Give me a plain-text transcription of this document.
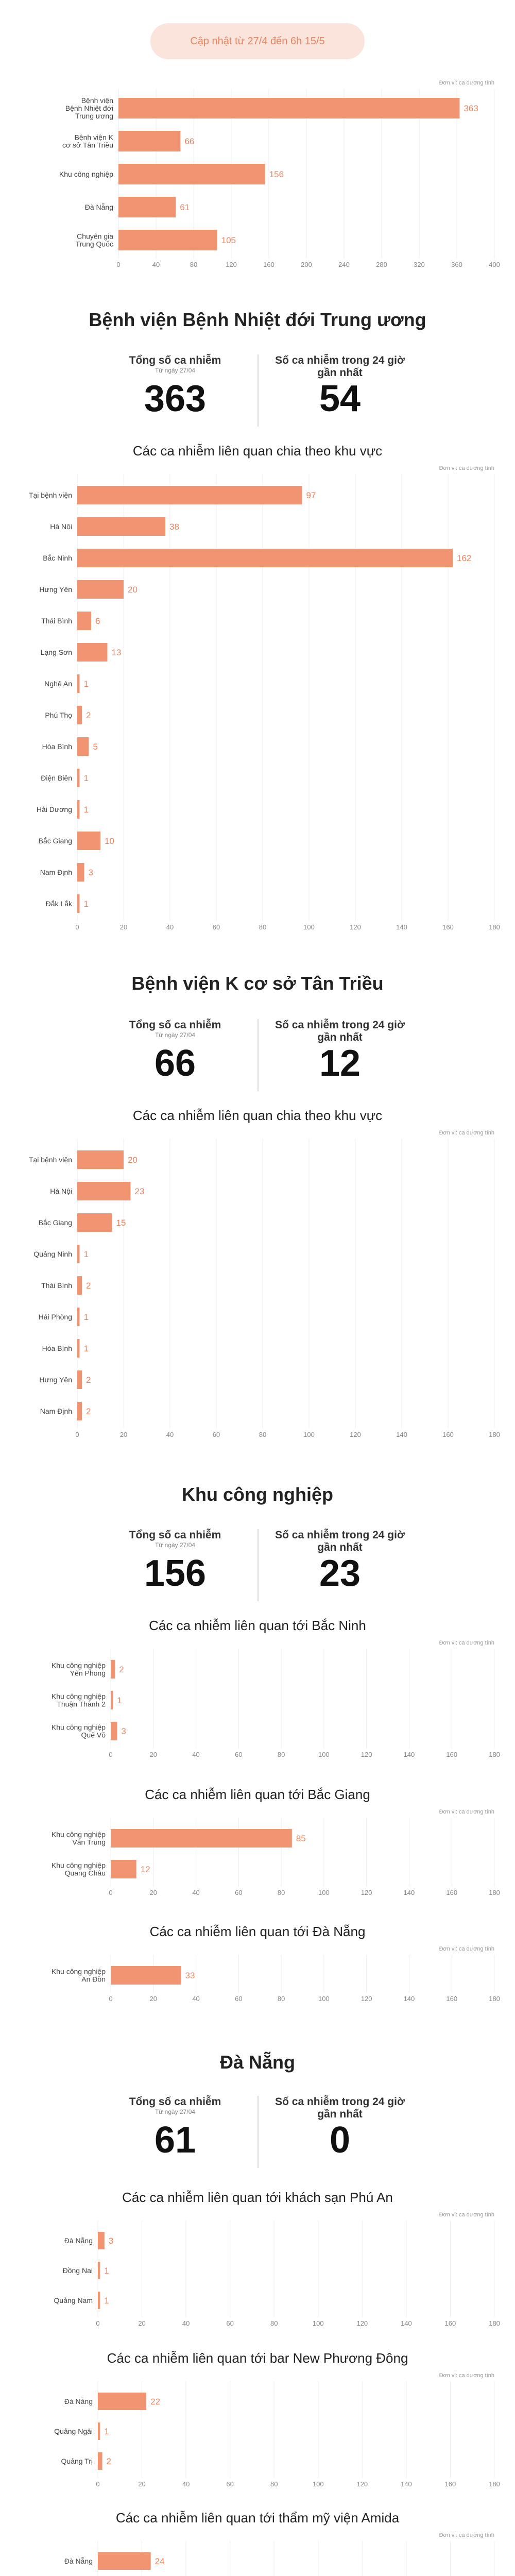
Cập nhật từ 27/4 đến 6h 15/5
Đơn vị: ca dương tính
0	40	80	120	160	200	240	280	320	360	400
363
Bệnh viện
Bệnh Nhiệt đới
Trung ương
66
Bệnh viện K
cơ sở Tân Triều
156
Khu công nghiệp
61
Đà Nẵng
105
Chuyên gia
Trung Quốc
Bệnh viện Bệnh Nhiệt đới Trung ương
Tổng số ca nhiễm
Từ ngày 27/04
363
Số ca nhiễm trong 24 giờ gần nhất
54
Các ca nhiễm liên quan chia theo khu vực
Đơn vị: ca dương tính
0	20	40	60	80	100	120	140	160	180
97
Tại bệnh viện
38
Hà Nội
162
Bắc Ninh
20
Hưng Yên
6
Thái Bình
13
Lạng Sơn
1
Nghệ An
2
Phú Thọ
5
Hòa Bình
1
Điện Biên
1
Hải Dương
10
Bắc Giang
3
Nam Định
1
Đắk Lắk
Bệnh viện K cơ sở Tân Triều
Tổng số ca nhiễm
Từ ngày 27/04
66
Số ca nhiễm trong 24 giờ gần nhất
12
Các ca nhiễm liên quan chia theo khu vực
Đơn vị: ca dương tính
0	20	40	60	80	100	120	140	160	180
20
Tại bệnh viện
23
Hà Nội
15
Bắc Giang
1
Quảng Ninh
2
Thái Bình
1
Hải Phòng
1
Hòa Bình
2
Hưng Yên
2
Nam Định
Khu công nghiệp
Tổng số ca nhiễm
Từ ngày 27/04
156
Số ca nhiễm trong 24 giờ gần nhất
23
Các ca nhiễm liên quan tới Bắc Ninh
Đơn vị: ca dương tính
0	20	40	60	80	100	120	140	160	180
2
Khu công nghiệp
Yên Phong
1
Khu công nghiệp
Thuận Thành 2
3
Khu công nghiệp
Quế Võ
Các ca nhiễm liên quan tới Bắc Giang
Đơn vị: ca dương tính
0	20	40	60	80	100	120	140	160	180
85
Khu công nghiệp
Vân Trung
12
Khu công nghiệp
Quang Châu
Các ca nhiễm liên quan tới Đà Nẵng
Đơn vị: ca dương tính
0	20	40	60	80	100	120	140	160	180
33
Khu công nghiệp
An Đồn
Đà Nẵng
Tổng số ca nhiễm
Từ ngày 27/04
61
Số ca nhiễm trong 24 giờ gần nhất
0
Các ca nhiễm liên quan tới khách sạn Phú An
Đơn vị: ca dương tính
0	20	40	60	80	100	120	140	160	180
3
Đà Nẵng
1
Đồng Nai
1
Quảng Nam
Các ca nhiễm liên quan tới bar New Phương Đông
Đơn vị: ca dương tính
0	20	40	60	80	100	120	140	160	180
22
Đà Nẵng
1
Quảng Ngãi
2
Quảng Trị
Các ca nhiễm liên quan tới thẩm mỹ viện Amida
Đơn vị: ca dương tính
24
Đà Nẵng
